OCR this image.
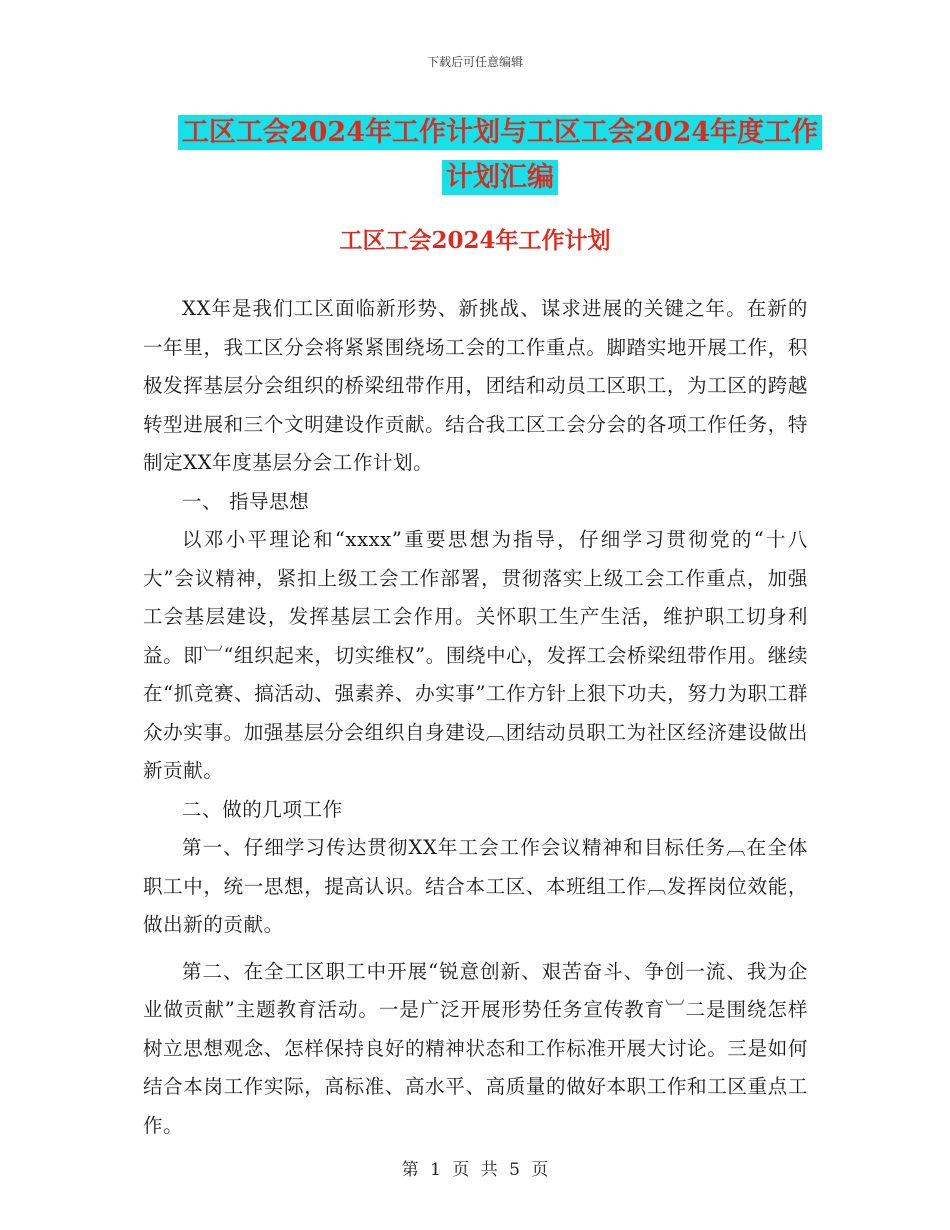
下载后可任意编辑
工区工会2024年工作计划与工区工会2024年度工作
计划汇编
工区工会2024年工作计划

XX年是我们工区面临新形势、新挑战、谋求进展的关键之年。在新的一年里，我工区分会将紧紧围绕场工会的工作重点。脚踏实地开展工作，积极发挥基层分会组织的桥梁纽带作用，团结和动员工区职工，为工区的跨越转型进展和三个文明建设作贡献。结合我工区工会分会的各项工作任务，特制定XX年度基层分会工作计划。

一、 指导思想

以邓小平理论和“xxxx”重要思想为指导，仔细学习贯彻党的“十八大”会议精神，紧扣上级工会工作部署，贯彻落实上级工会工作重点，加强工会基层建设，发挥基层工会作用。关怀职工生产生活，维护职工切身利益。即︺“组织起来，切实维权”。围绕中心，发挥工会桥梁纽带作用。继续在“抓竞赛、搞活动、强素养、办实事”工作方针上狠下功夫，努力为职工群众办实事。加强基层分会组织自身建设︹团结动员职工为社区经济建设做出新贡献。

二、做的几项工作

第一、仔细学习传达贯彻XX年工会工作会议精神和目标任务︹在全体职工中，统一思想，提高认识。结合本工区、本班组工作︹发挥岗位效能，做出新的贡献。

第二、在全工区职工中开展“锐意创新、艰苦奋斗、争创一流、我为企业做贡献”主题教育活动。一是广泛开展形势任务宣传教育︺二是围绕怎样树立思想观念、怎样保持良好的精神状态和工作标准开展大讨论。三是如何结合本岗工作实际，高标准、高水平、高质量的做好本职工作和工区重点工作。

第 1 页 共 5 页
